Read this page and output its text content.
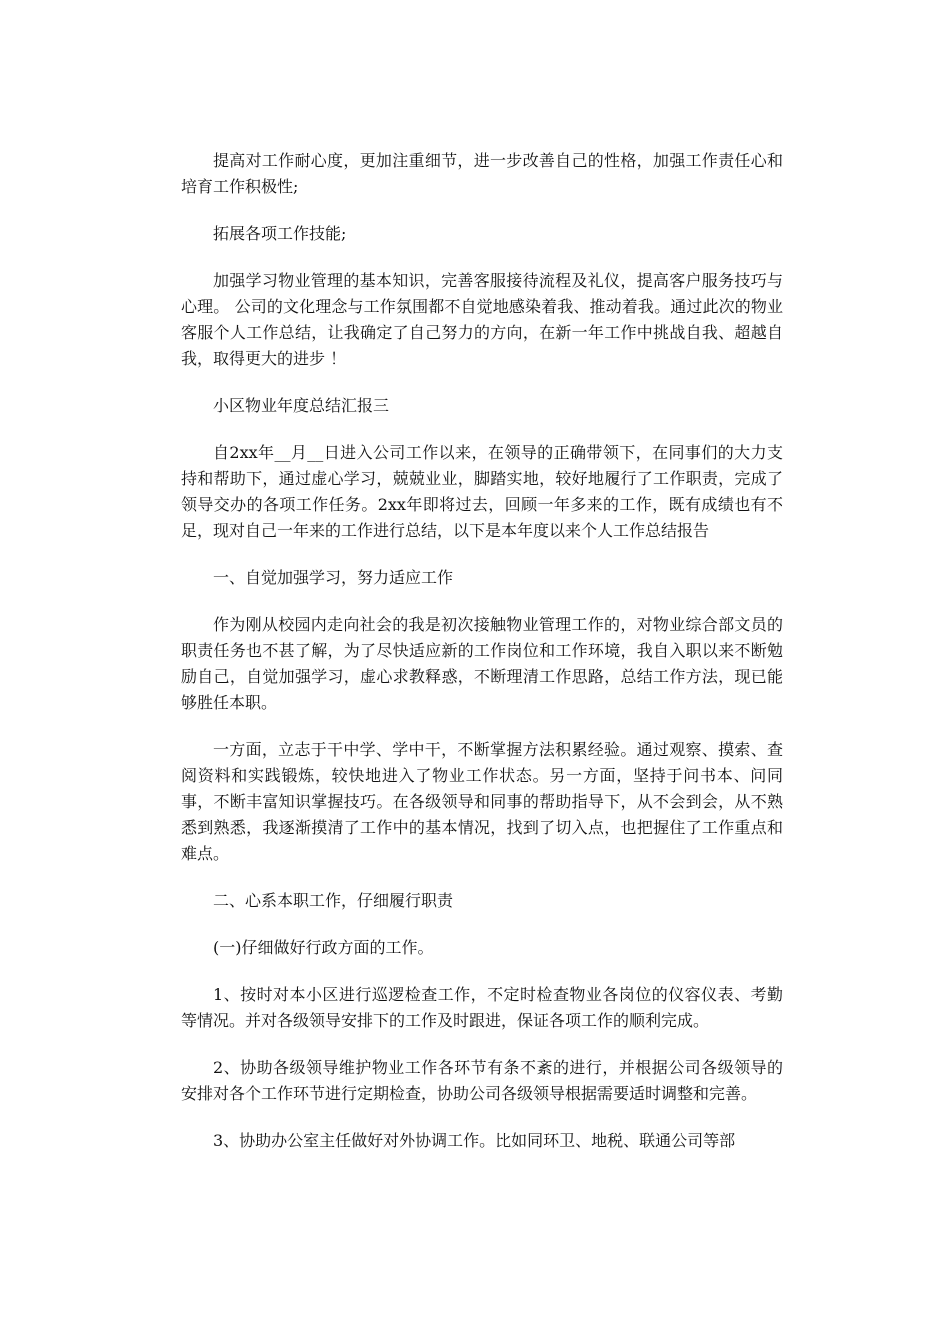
提高对工作耐心度，更加注重细节，进一步改善自己的性格，加强工作责任心和培育工作积极性;

拓展各项工作技能;

加强学习物业管理的基本知识，完善客服接待流程及礼仪，提高客户服务技巧与心理。 公司的文化理念与工作氛围都不自觉地感染着我、推动着我。通过此次的物业客服个人工作总结，让我确定了自己努力的方向，在新一年工作中挑战自我、超越自我，取得更大的进步 ！

小区物业年度总结汇报三

自2xx年__月__日进入公司工作以来，在领导的正确带领下，在同事们的大力支持和帮助下，通过虚心学习，兢兢业业，脚踏实地，较好地履行了工作职责，完成了领导交办的各项工作任务。2xx年即将过去，回顾一年多来的工作，既有成绩也有不足，现对自己一年来的工作进行总结，以下是本年度以来个人工作总结报告

一、自觉加强学习，努力适应工作

作为刚从校园内走向社会的我是初次接触物业管理工作的，对物业综合部文员的职责任务也不甚了解，为了尽快适应新的工作岗位和工作环境，我自入职以来不断勉励自己，自觉加强学习，虚心求教释惑，不断理清工作思路，总结工作方法，现已能够胜任本职。

一方面，立志于干中学、学中干，不断掌握方法积累经验。通过观察、摸索、查阅资料和实践锻炼，较快地进入了物业工作状态。另一方面，坚持于问书本、问同事，不断丰富知识掌握技巧。在各级领导和同事的帮助指导下，从不会到会，从不熟悉到熟悉，我逐渐摸清了工作中的基本情况，找到了切入点，也把握住了工作重点和难点。

二、心系本职工作，仔细履行职责

(一)仔细做好行政方面的工作。

1、按时对本小区进行巡逻检查工作，不定时检查物业各岗位的仪容仪表、考勤等情况。并对各级领导安排下的工作及时跟进，保证各项工作的顺利完成。

2、协助各级领导维护物业工作各环节有条不紊的进行，并根据公司各级领导的安排对各个工作环节进行定期检查，协助公司各级领导根据需要适时调整和完善。

3、协助办公室主任做好对外协调工作。比如同环卫、地税、联通公司等部
